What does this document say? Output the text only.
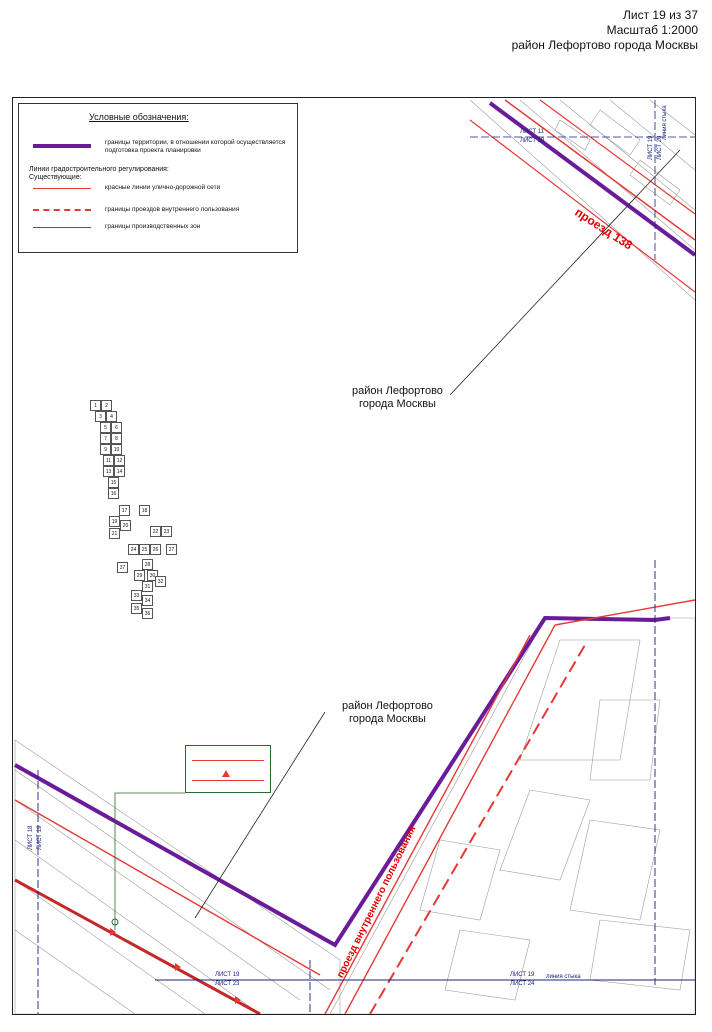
Лист 19 из 37
Масштаб 1:2000
район Лефортово города Москвы
Условные обозначения:
границы территории, в отношении которой осуществляется подготовка проекта планировки
Линии градостроительного регулирования:
Существующие:
красные линии улично-дорожной сети
границы проездов внутреннего пользования
границы производственных зон
район Лефортово
города Москвы
район Лефортово
города Москвы
проезд 138
проезд внутреннего пользования
ЛИСТ 11
ЛИСТ 18	ЛИСТ 19 ЛИСТ 20
линия стыка
ЛИСТ 19
ЛИСТ 24
линия стыка
ЛИСТ 19
ЛИСТ 23
ЛИСТ 18 ЛИСТ 19
1	2
3	4
5	6
7	8
9	10
11	12
13	14
15
16
17	18
19
20
21	22	23
24	25	26	27
28
29	30
31
32
33
34
35
36
37
